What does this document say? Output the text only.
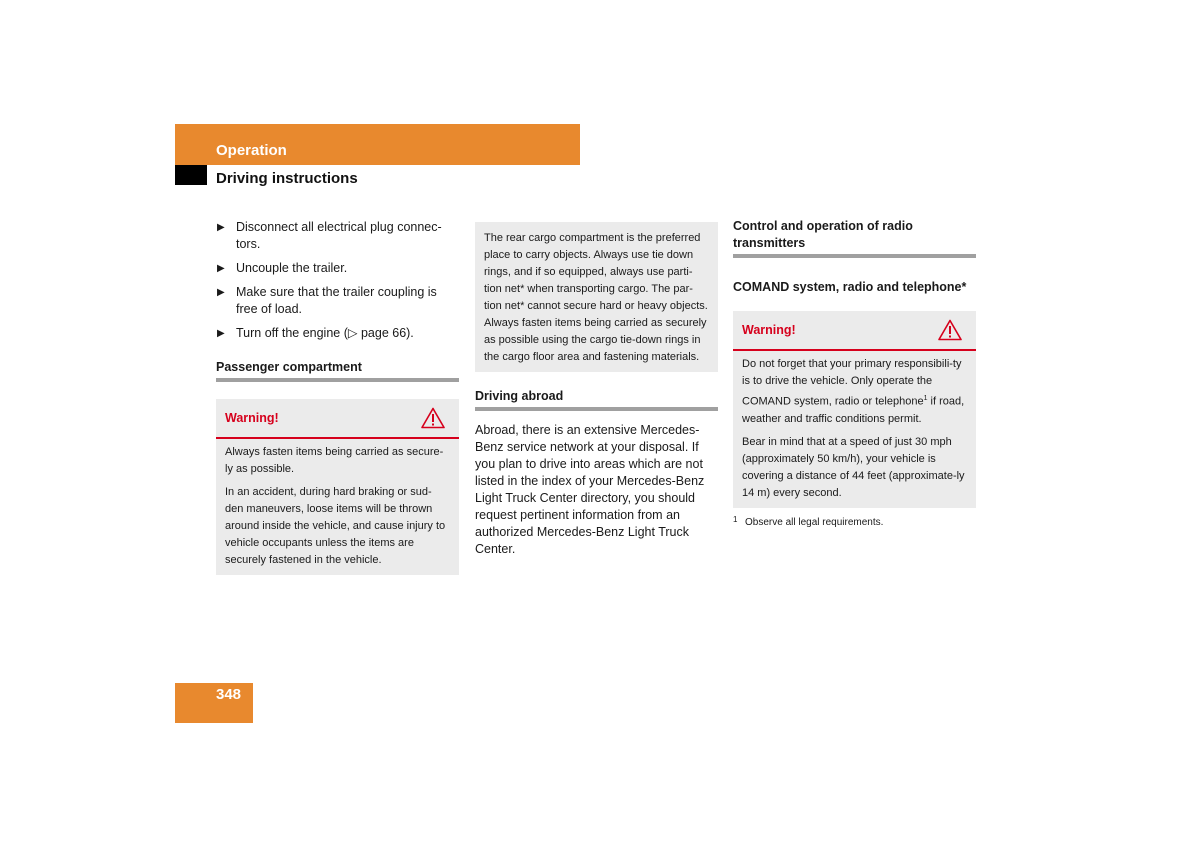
Operation
Driving instructions
▶ Disconnect all electrical plug connec-tors.
▶ Uncouple the trailer.
▶ Make sure that the trailer coupling is free of load.
▶ Turn off the engine (▷ page 66).
Passenger compartment
Warning!

Always fasten items being carried as secure-ly as possible.

In an accident, during hard braking or sud-den maneuvers, loose items will be thrown around inside the vehicle, and cause injury to vehicle occupants unless the items are securely fastened in the vehicle.

The rear cargo compartment is the preferred place to carry objects. Always use tie down rings, and if so equipped, always use parti-tion net* when transporting cargo. The par-tion net* cannot secure hard or heavy objects. Always fasten items being carried as securely as possible using the cargo tie-down rings in the cargo floor area and fastening materials.
Driving abroad
Abroad, there is an extensive Mercedes-Benz service network at your disposal. If you plan to drive into areas which are not listed in the index of your Mercedes-Benz Light Truck Center directory, you should request pertinent information from an authorized Mercedes-Benz Light Truck Center.
Control and operation of radio transmitters
COMAND system, radio and telephone*
Warning!

Do not forget that your primary responsibili-ty is to drive the vehicle. Only operate the COMAND system, radio or telephone$^1$ if road, weather and traffic conditions permit.

Bear in mind that at a speed of just 30 mph (approximately 50 km/h), your vehicle is covering a distance of 44 feet (approximate-ly 14 m) every second.

1 Observe all legal requirements.
348
